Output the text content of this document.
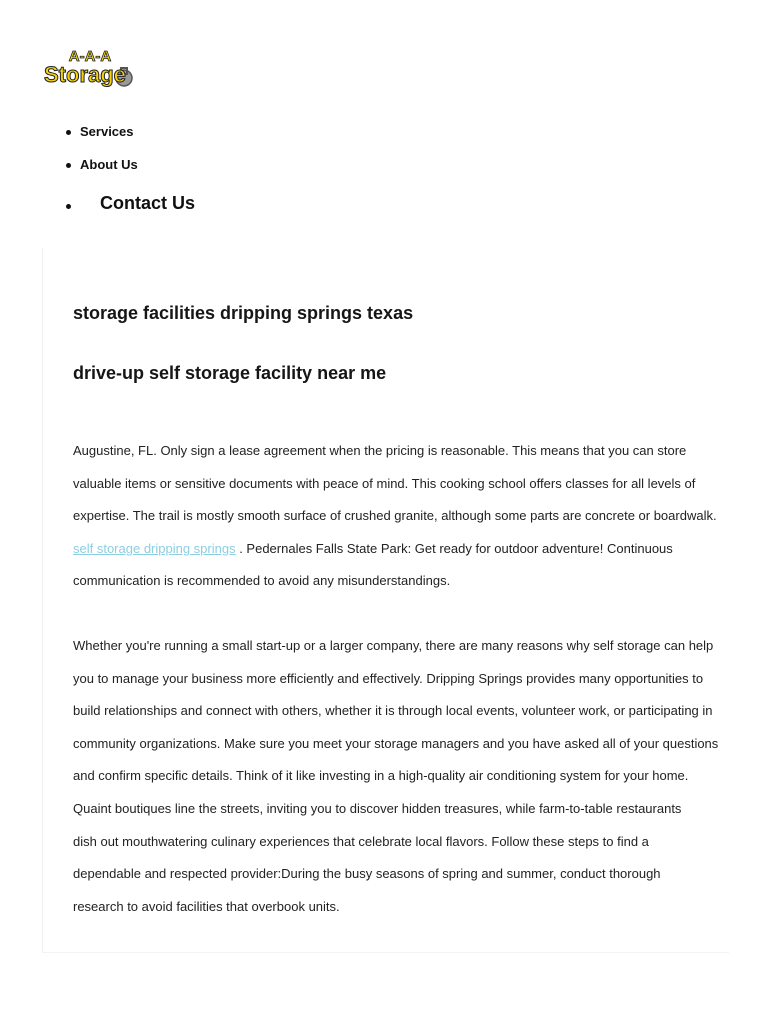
A-A-A
Storage
Services
About Us
Contact Us
storage facilities dripping springs texas
drive-up self storage facility near me
Augustine, FL. Only sign a lease agreement when the pricing is reasonable. This means that you can store
valuable items or sensitive documents with peace of mind. This cooking school offers classes for all levels of
expertise. The trail is mostly smooth surface of crushed granite, although some parts are concrete or boardwalk.
self storage dripping springs . Pedernales Falls State Park: Get ready for outdoor adventure! Continuous
communication is recommended to avoid any misunderstandings.
Whether you're running a small start-up or a larger company, there are many reasons why self storage can help
you to manage your business more efficiently and effectively. Dripping Springs provides many opportunities to
build relationships and connect with others, whether it is through local events, volunteer work, or participating in
community organizations. Make sure you meet your storage managers and you have asked all of your questions
and confirm specific details. Think of it like investing in a high-quality air conditioning system for your home.
Quaint boutiques line the streets, inviting you to discover hidden treasures, while farm-to-table restaurants
dish out mouthwatering culinary experiences that celebrate local flavors. Follow these steps to find a
dependable and respected provider:During the busy seasons of spring and summer, conduct thorough
research to avoid facilities that overbook units.
